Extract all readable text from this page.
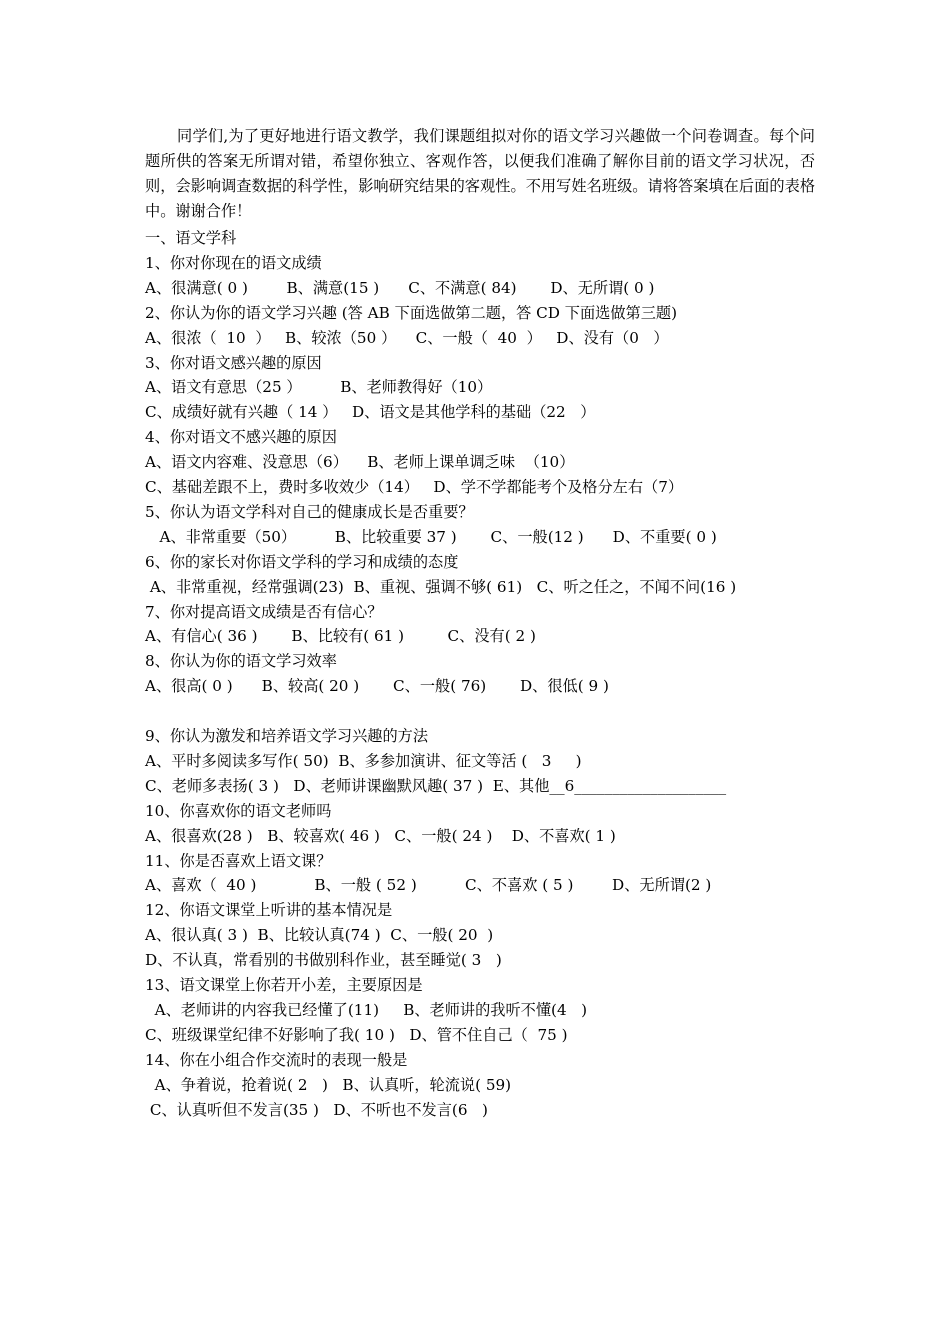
同学们,为了更好地进行语文教学，我们课题组拟对你的语文学习兴趣做一个问卷调查。每个问题所供的答案无所谓对错，希望你独立、客观作答，以便我们准确了解你目前的语文学习状况，否则，会影响调查数据的科学性，影响研究结果的客观性。不用写姓名班级。请将答案填在后面的表格中。谢谢合作！

一、语文学科

1、你对你现在的语文成绩

A、很满意( 0 )        B、满意(15 )      C、不满意( 84)       D、无所谓( 0 )

2、你认为你的语文学习兴趣 (答 AB 下面选做第二题，答 CD 下面选做第三题)

A、很浓（  10  ）   B、较浓（50 ）    C、一般（  40  ）   D、没有（0   ）

3、你对语文感兴趣的原因

A、语文有意思（25 ）        B、老师教得好（10）

C、成绩好就有兴趣（ 14 ）   D、语文是其他学科的基础（22   ）

4、你对语文不感兴趣的原因

A、语文内容难、没意思（6）    B、老师上课单调乏味  （10）

C、基础差跟不上，费时多收效少（14）   D、学不学都能考个及格分左右（7）

5、你认为语文学科对自己的健康成长是否重要？

A、非常重要（50）        B、比较重要 37 )       C、一般(12 )      D、不重要( 0 )

6、你的家长对你语文学科的学习和成绩的态度

A、非常重视，经常强调(23)  B、重视、强调不够( 61)   C、听之任之，不闻不问(16 )

7、你对提高语文成绩是否有信心？

A、有信心( 36 )       B、比较有( 61 )         C、没有( 2 )

8、你认为你的语文学习效率

A、很高( 0 )      B、较高( 20 )       C、一般( 76)       D、很低( 9 )

9、你认为激发和培养语文学习兴趣的方法

A、平时多阅读多写作( 50)  B、多参加演讲、征文等活 (   3     )

C、老师多表扬( 3 )   D、老师讲课幽默风趣( 37 )  E、其他__6____________________

10、你喜欢你的语文老师吗

A、很喜欢(28 )   B、较喜欢( 46 )   C、一般( 24 )    D、不喜欢( 1 )

11、你是否喜欢上语文课？

A、喜欢（  40 )            B、一般 ( 52 )          C、不喜欢 ( 5 )        D、无所谓(2 )

12、你语文课堂上听讲的基本情况是

A、很认真( 3 )  B、比较认真(74 )  C、一般( 20  )

D、不认真，常看别的书做别科作业，甚至睡觉( 3   )

13、语文课堂上你若开小差，主要原因是

A、老师讲的内容我已经懂了(11)     B、老师讲的我听不懂(4   )

C、班级课堂纪律不好影响了我( 10 )   D、管不住自己（  75 )

14、你在小组合作交流时的表现一般是

A、争着说，抢着说( 2   )   B、认真听，轮流说( 59)

C、认真听但不发言(35 )   D、不听也不发言(6   )
